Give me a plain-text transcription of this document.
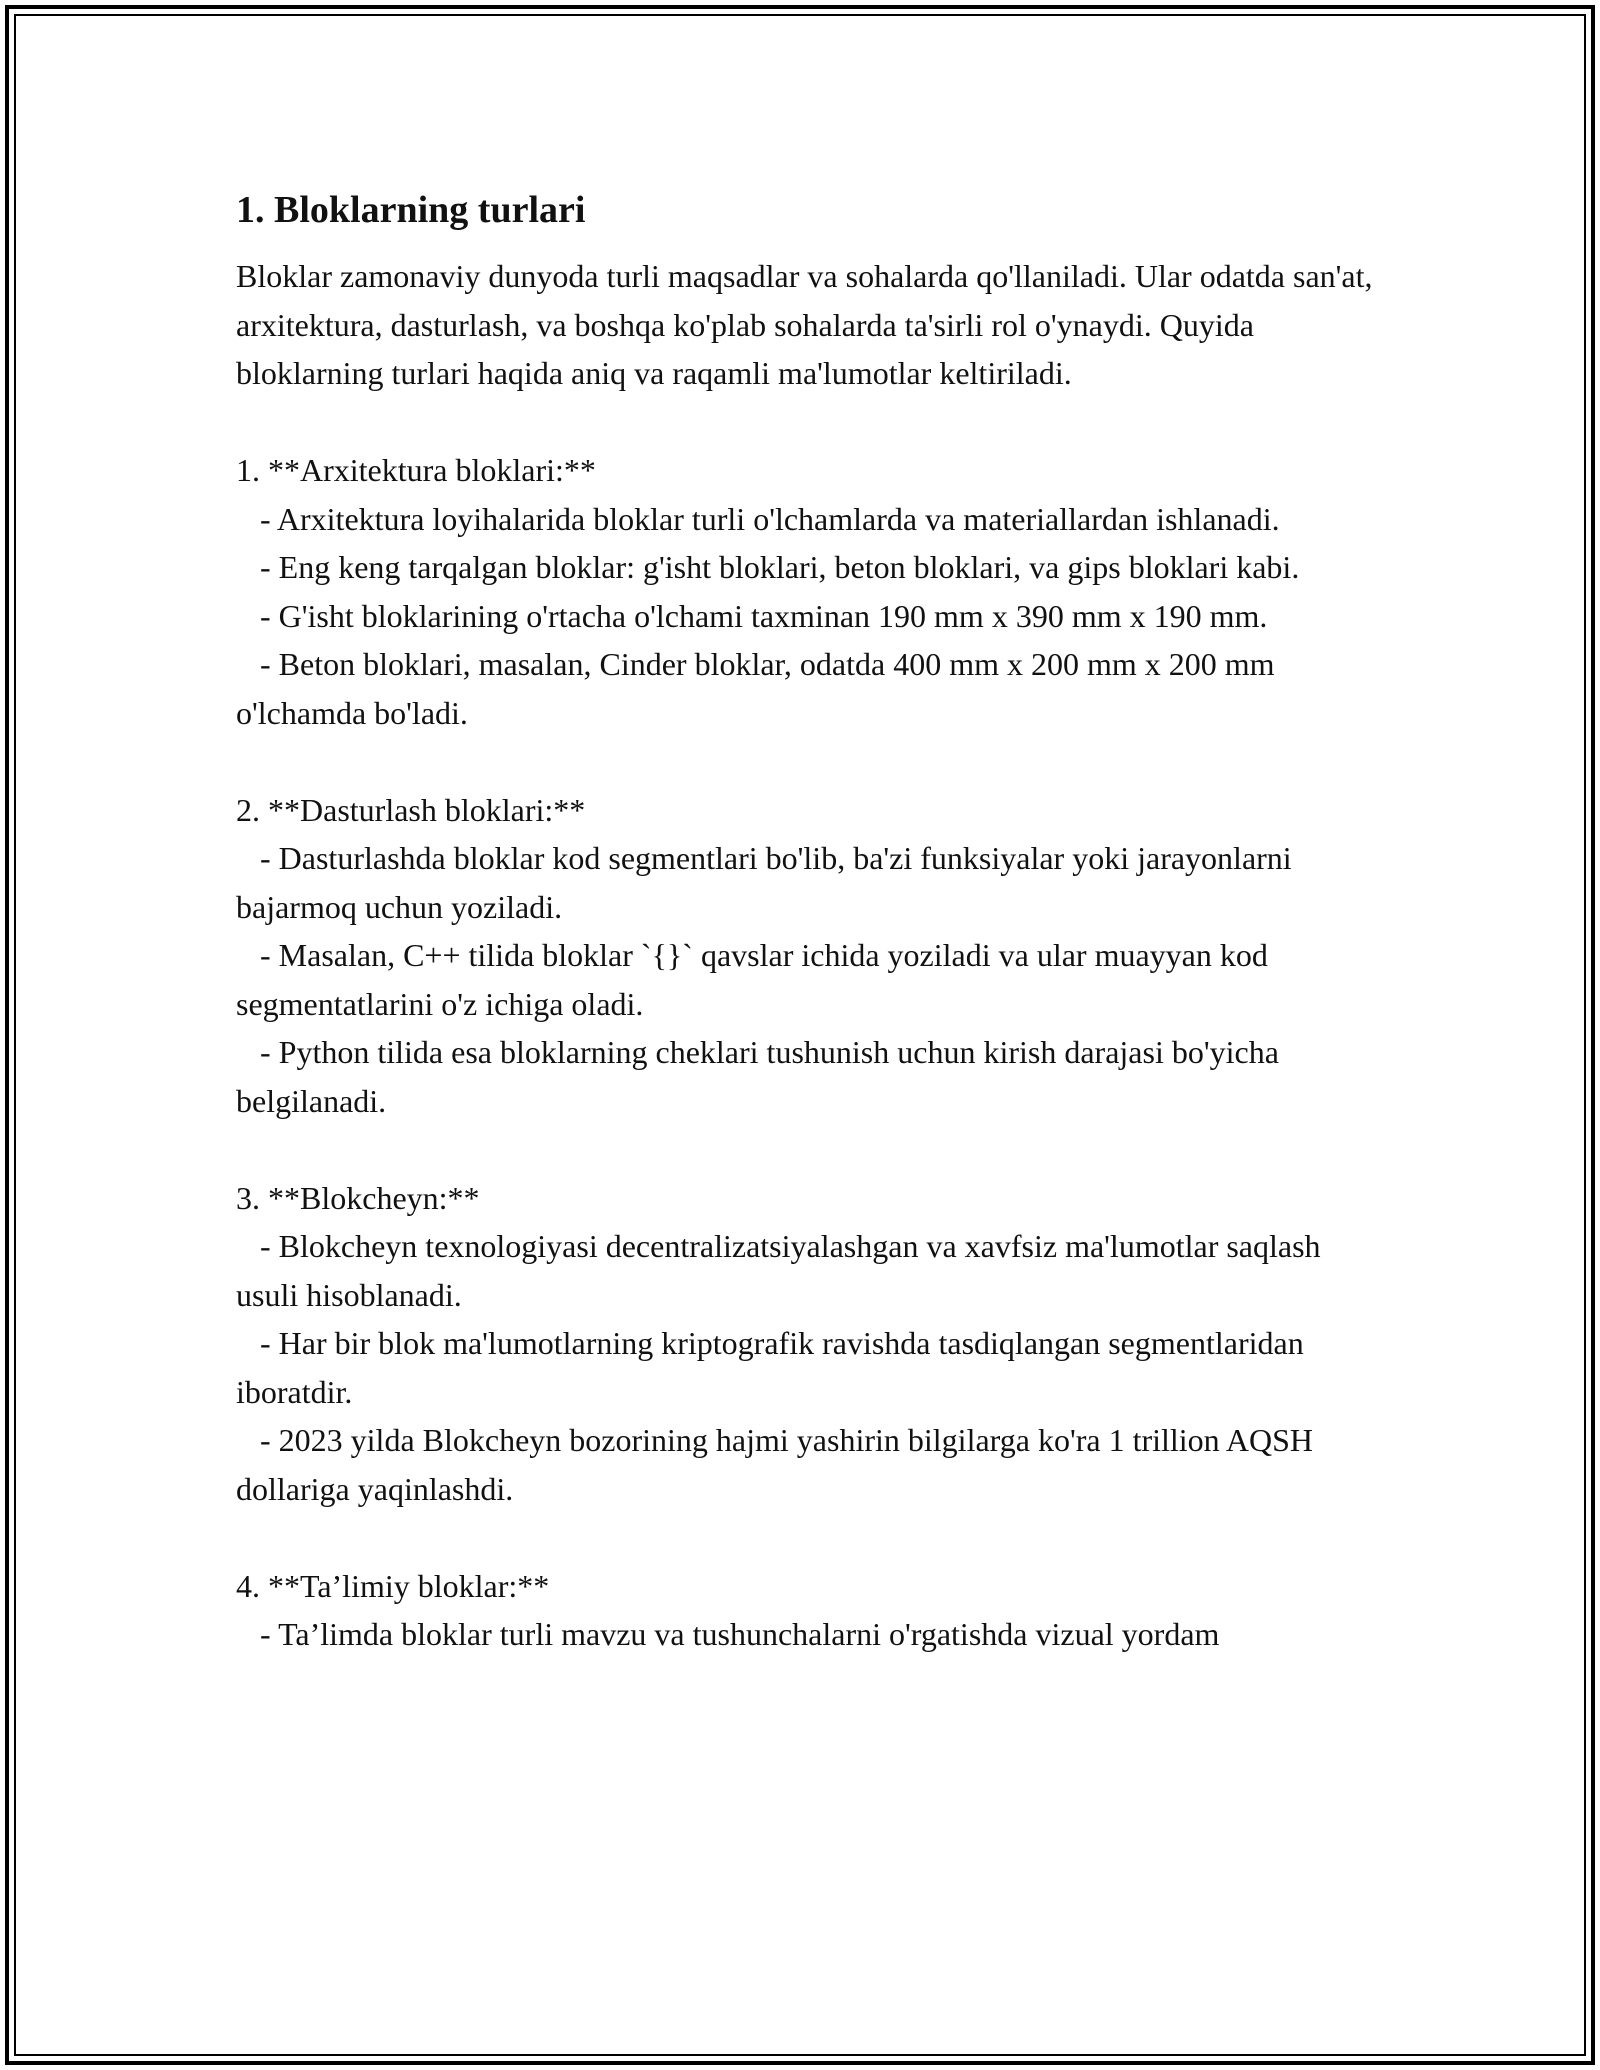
1. Bloklarning turlari

Bloklar zamonaviy dunyoda turli maqsadlar va sohalarda qo'llaniladi. Ular odatda san'at, arxitektura, dasturlash, va boshqa ko'plab sohalarda ta'sirli rol o'ynaydi. Quyida bloklarning turlari haqida aniq va raqamli ma'lumotlar keltiriladi.

1. **Arxitektura bloklari:**

- Arxitektura loyihalarida bloklar turli o'lchamlarda va materiallardan ishlanadi.

- Eng keng tarqalgan bloklar: g'isht bloklari, beton bloklari, va gips bloklari kabi.

- G'isht bloklarining o'rtacha o'lchami taxminan 190 mm x 390 mm x 190 mm.

- Beton bloklari, masalan, Cinder bloklar, odatda 400 mm x 200 mm x 200 mm o'lchamda bo'ladi.

2. **Dasturlash bloklari:**

- Dasturlashda bloklar kod segmentlari bo'lib, ba'zi funksiyalar yoki jarayonlarni bajarmoq uchun yoziladi.

- Masalan, C++ tilida bloklar `{}` qavslar ichida yoziladi va ular muayyan kod segmentatlarini o'z ichiga oladi.

- Python tilida esa bloklarning cheklari tushunish uchun kirish darajasi bo'yicha belgilanadi.

3. **Blokcheyn:**

- Blokcheyn texnologiyasi decentralizatsiyalashgan va xavfsiz ma'lumotlar saqlash usuli hisoblanadi.

- Har bir blok ma'lumotlarning kriptografik ravishda tasdiqlangan segmentlaridan iboratdir.

- 2023 yilda Blokcheyn bozorining hajmi yashirin bilgilarga ko'ra 1 trillion AQSH dollariga yaqinlashdi.

4. **Ta’limiy bloklar:**

- Ta’limda bloklar turli mavzu va tushunchalarni o'rgatishda vizual yordam
